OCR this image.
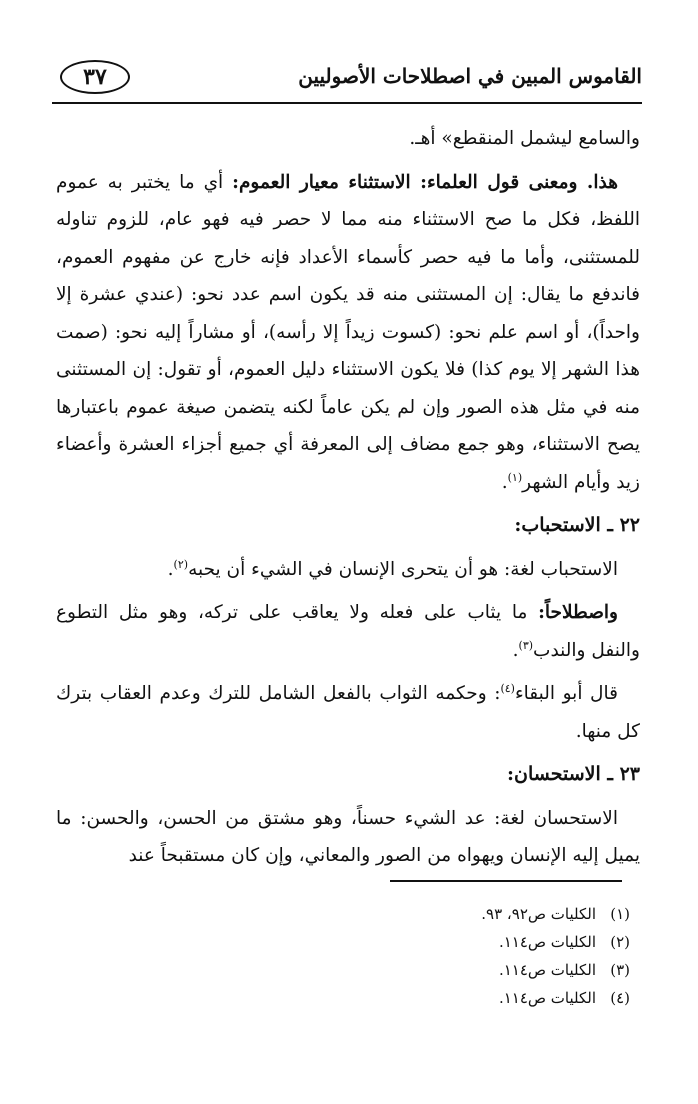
القاموس المبين في اصطلاحات الأصوليين
٣٧

والسامع ليشمل المنقطع» أهـ.

هذا. ومعنى قول العلماء: الاستثناء معيار العموم: أي ما يختبر به عموم اللفظ، فكل ما صح الاستثناء منه مما لا حصر فيه فهو عام، للزوم تناوله للمستثنى، وأما ما فيه حصر كأسماء الأعداد فإنه خارج عن مفهوم العموم، فاندفع ما يقال: إن المستثنى منه قد يكون اسم عدد نحو: (عندي عشرة إلا واحداً)، أو اسم علم نحو: (كسوت زيداً إلا رأسه)، أو مشاراً إليه نحو: (صمت هذا الشهر إلا يوم كذا) فلا يكون الاستثناء دليل العموم، أو تقول: إن المستثنى منه في مثل هذه الصور وإن لم يكن عاماً لكنه يتضمن صيغة عموم باعتبارها يصح الاستثناء، وهو جمع مضاف إلى المعرفة أي جميع أجزاء العشرة وأعضاء زيد وأيام الشهر$^{(١)}$.

٢٢ ـ الاستحباب:

الاستحباب لغة: هو أن يتحرى الإنسان في الشيء أن يحبه$^{(٢)}$.

واصطلاحاً: ما يثاب على فعله ولا يعاقب على تركه، وهو مثل التطوع والنفل والندب$^{(٣)}$.

قال أبو البقاء$^{(٤)}$: وحكمه الثواب بالفعل الشامل للترك وعدم العقاب بترك كل منها.

٢٣ ـ الاستحسان:

الاستحسان لغة: عد الشيء حسناً، وهو مشتق من الحسن، والحسن: ما يميل إليه الإنسان ويهواه من الصور والمعاني، وإن كان مستقبحاً عند

(١)الكليات ص٩٢، ٩٣.
(٢)الكليات ص١١٤.
(٣)الكليات ص١١٤.
(٤)الكليات ص١١٤.
